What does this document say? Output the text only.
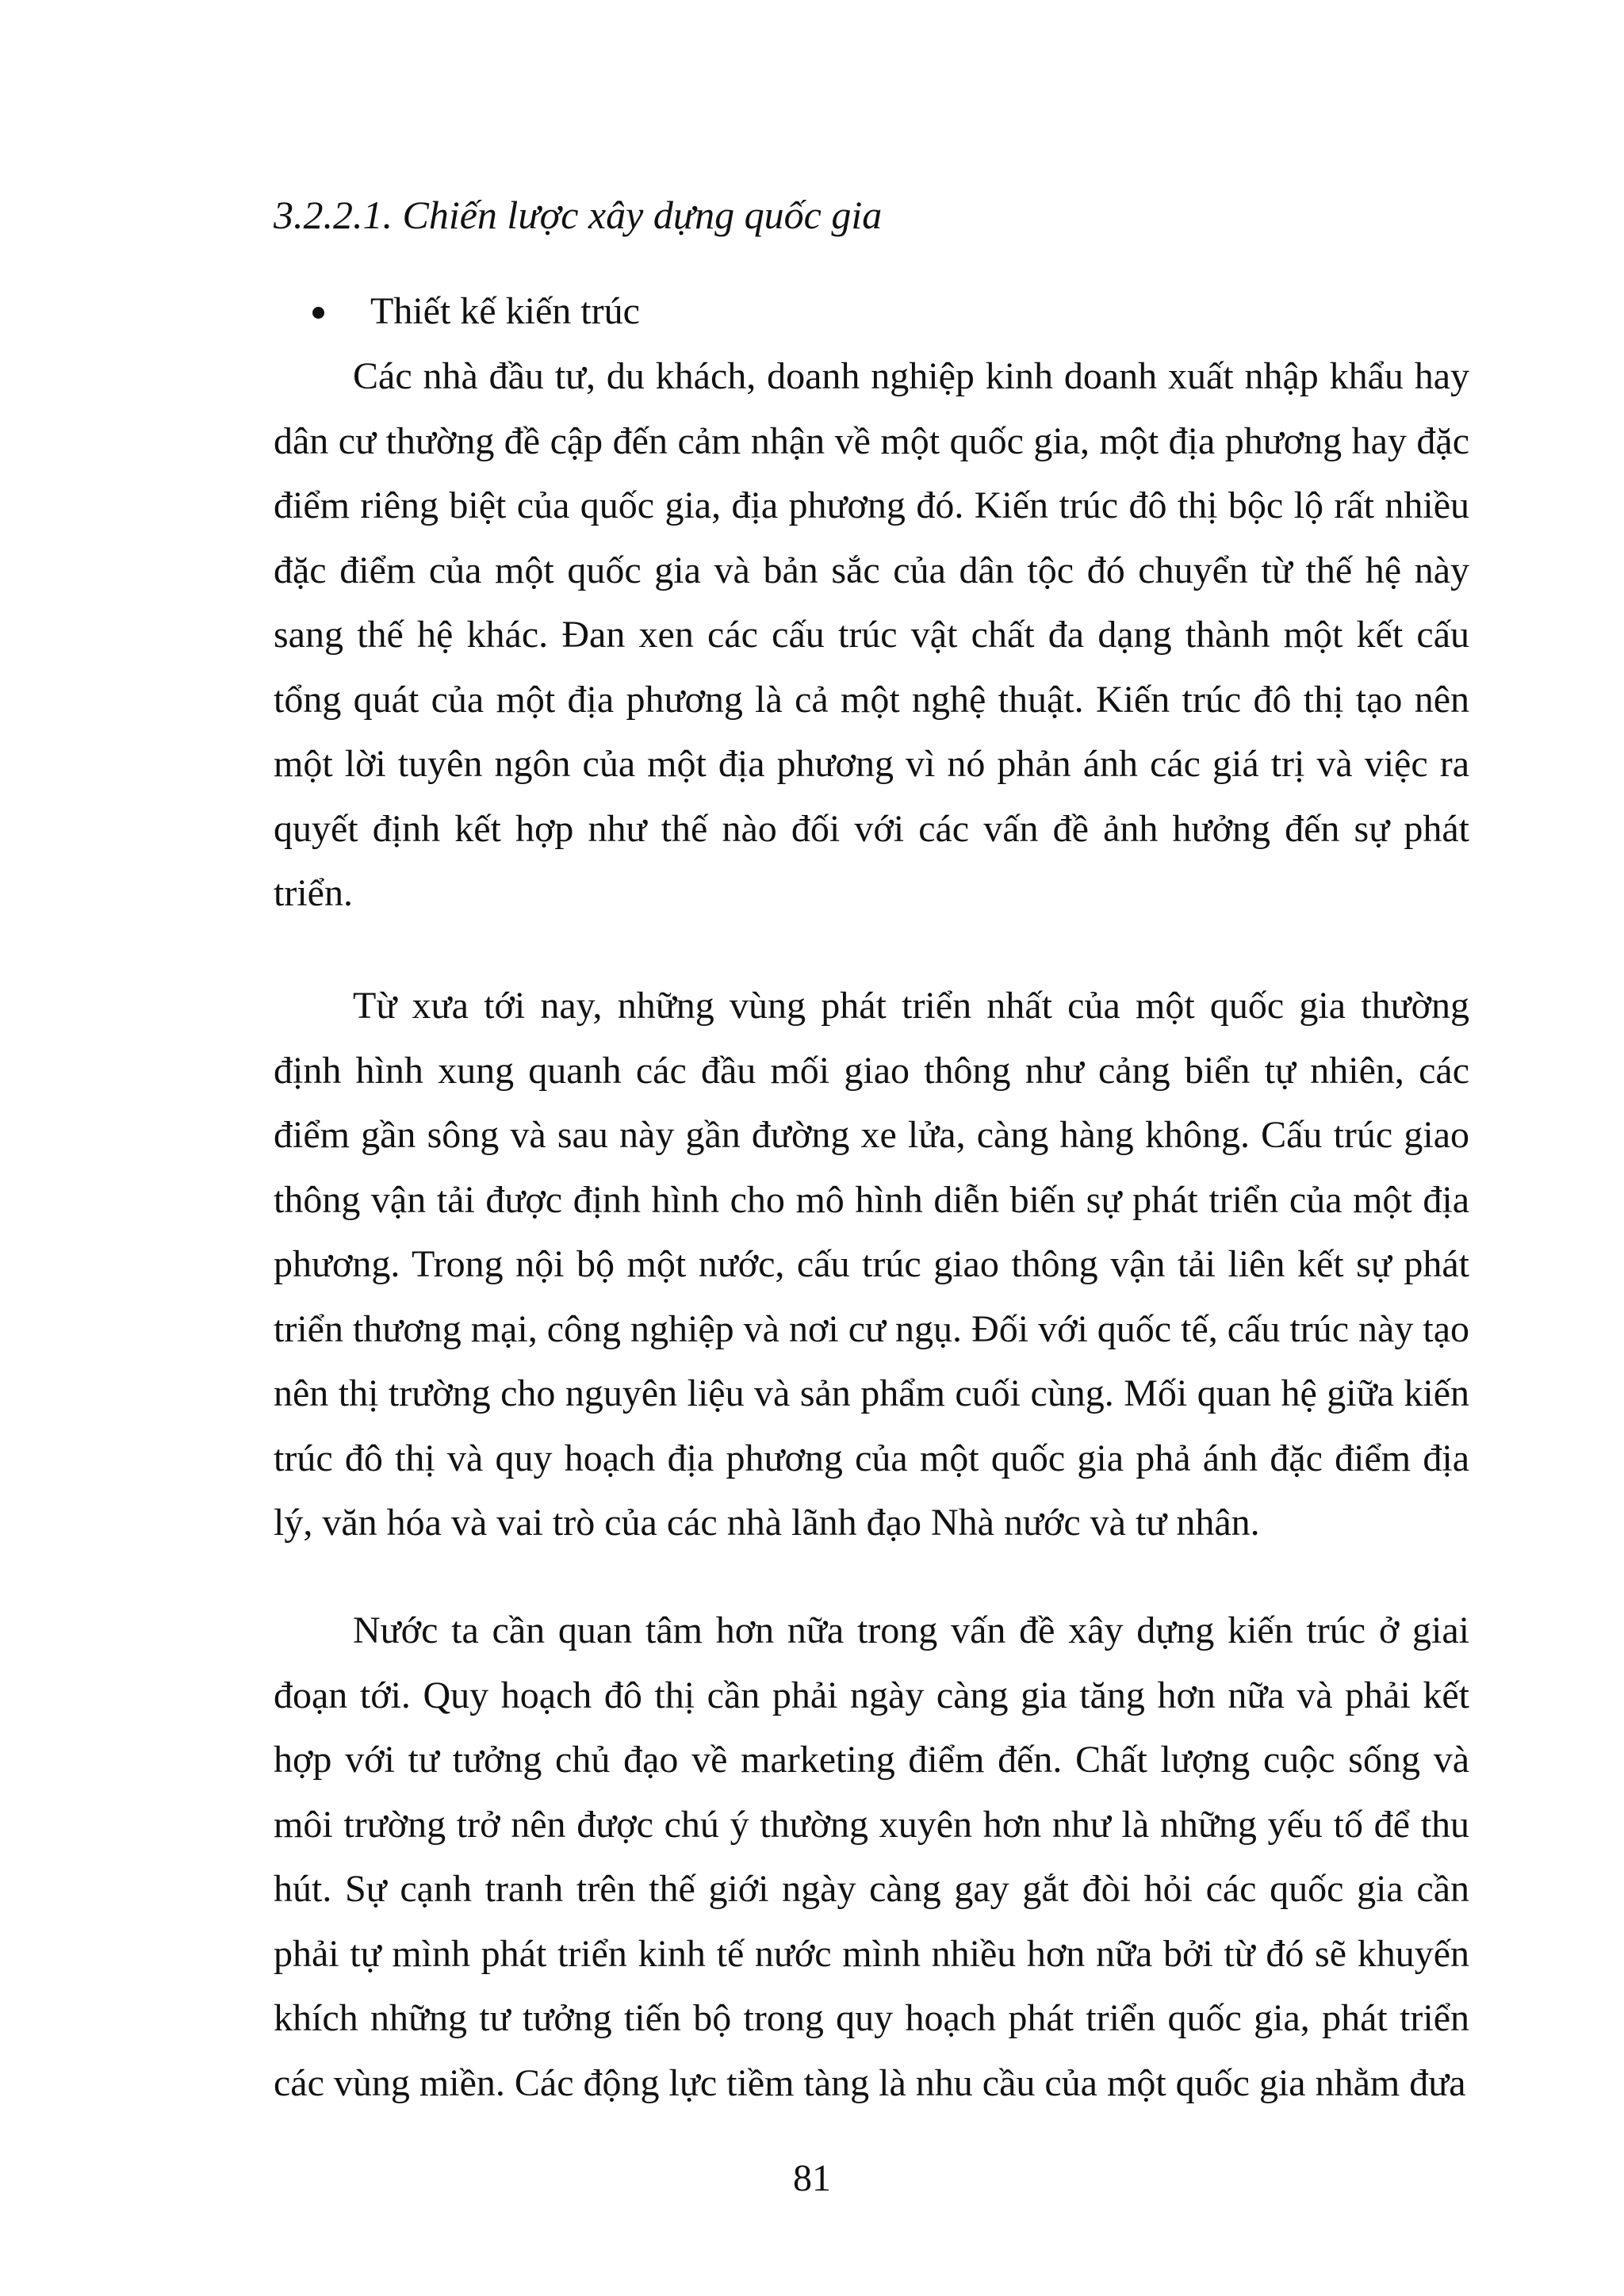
3.2.2.1. Chiến lược xây dựng quốc gia
Thiết kế kiến trúc

Các nhà đầu tư, du khách, doanh nghiệp kinh doanh xuất nhập khẩu hay dân cư thường đề cập đến cảm nhận về một quốc gia, một địa phương hay đặc điểm riêng biệt của quốc gia, địa phương đó. Kiến trúc đô thị bộc lộ rất nhiều đặc điểm của một quốc gia và bản sắc của dân tộc đó chuyển từ thế hệ này sang thế hệ khác. Đan xen các cấu trúc vật chất đa dạng thành một kết cấu tổng quát của một địa phương là cả một nghệ thuật. Kiến trúc đô thị tạo nên một lời tuyên ngôn của một địa phương vì nó phản ánh các giá trị và việc ra quyết định kết hợp như thế nào đối với các vấn đề ảnh hưởng đến sự phát triển.

Từ xưa tới nay, những vùng phát triển nhất của một quốc gia thường định hình xung quanh các đầu mối giao thông như cảng biển tự nhiên, các điểm gần sông và sau này gần đường xe lửa, càng hàng không. Cấu trúc giao thông vận tải được định hình cho mô hình diễn biến sự phát triển của một địa phương. Trong nội bộ một nước, cấu trúc giao thông vận tải liên kết sự phát triển thương mại, công nghiệp và nơi cư ngụ. Đối với quốc tế, cấu trúc này tạo nên thị trường cho nguyên liệu và sản phẩm cuối cùng. Mối quan hệ giữa kiến trúc đô thị và quy hoạch địa phương của một quốc gia phả ánh đặc điểm địa lý, văn hóa và vai trò của các nhà lãnh đạo Nhà nước và tư nhân.

Nước ta cần quan tâm hơn nữa trong vấn đề xây dựng kiến trúc ở giai đoạn tới. Quy hoạch đô thị cần phải ngày càng gia tăng hơn nữa và phải kết hợp với tư tưởng chủ đạo về marketing điểm đến. Chất lượng cuộc sống và môi trường trở nên được chú ý thường xuyên hơn như là những yếu tố để thu hút. Sự cạnh tranh trên thế giới ngày càng gay gắt đòi hỏi các quốc gia cần phải tự mình phát triển kinh tế nước mình nhiều hơn nữa bởi từ đó sẽ khuyến khích những tư tưởng tiến bộ trong quy hoạch phát triển quốc gia, phát triển các vùng miền. Các động lực tiềm tàng là nhu cầu của một quốc gia nhằm đưa

81
